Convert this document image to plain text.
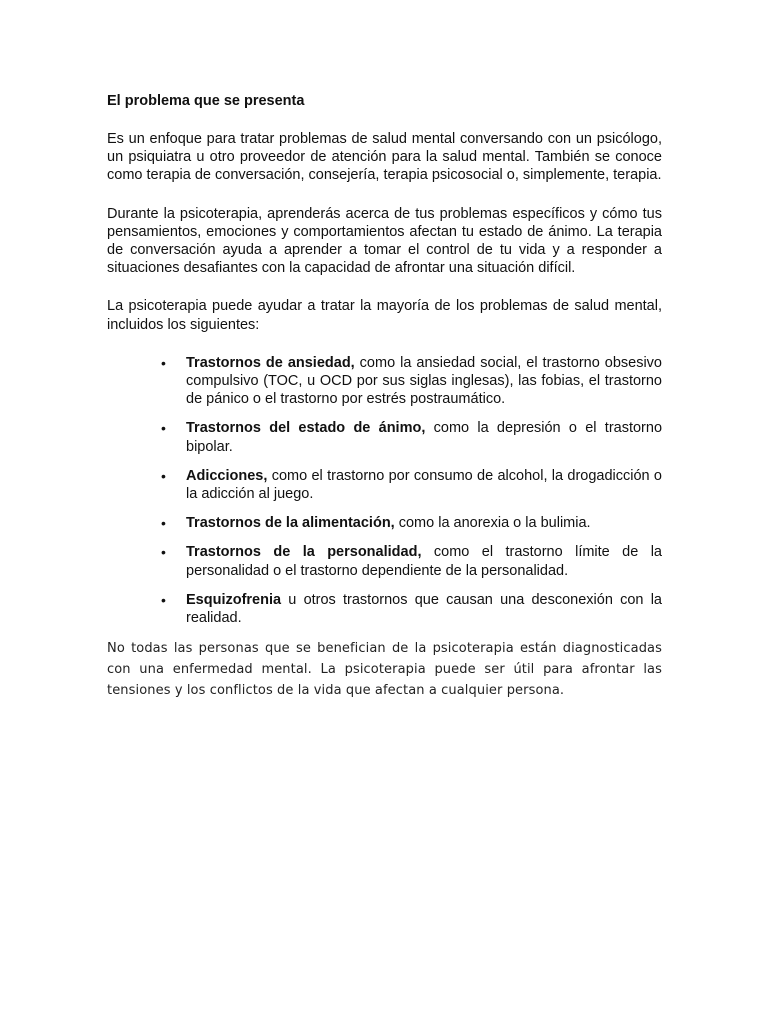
El problema que se presenta

Es un enfoque para tratar problemas de salud mental conversando con un psicólogo, un psiquiatra u otro proveedor de atención para la salud mental. También se conoce como terapia de conversación, consejería, terapia psicosocial o, simplemente, terapia.

Durante la psicoterapia, aprenderás acerca de tus problemas específicos y cómo tus pensamientos, emociones y comportamientos afectan tu estado de ánimo. La terapia de conversación ayuda a aprender a tomar el control de tu vida y a responder a situaciones desafiantes con la capacidad de afrontar una situación difícil.

La psicoterapia puede ayudar a tratar la mayoría de los problemas de salud mental, incluidos los siguientes:

• Trastornos de ansiedad, como la ansiedad social, el trastorno obsesivo compulsivo (TOC, u OCD por sus siglas inglesas), las fobias, el trastorno de pánico o el trastorno por estrés postraumático.
• Trastornos del estado de ánimo, como la depresión o el trastorno bipolar.
• Adicciones, como el trastorno por consumo de alcohol, la drogadicción o la adicción al juego.
• Trastornos de la alimentación, como la anorexia o la bulimia.
• Trastornos de la personalidad, como el trastorno límite de la personalidad o el trastorno dependiente de la personalidad.
• Esquizofrenia u otros trastornos que causan una desconexión con la realidad.

No todas las personas que se benefician de la psicoterapia están diagnosticadas con una enfermedad mental. La psicoterapia puede ser útil para afrontar las tensiones y los conflictos de la vida que afectan a cualquier persona.
